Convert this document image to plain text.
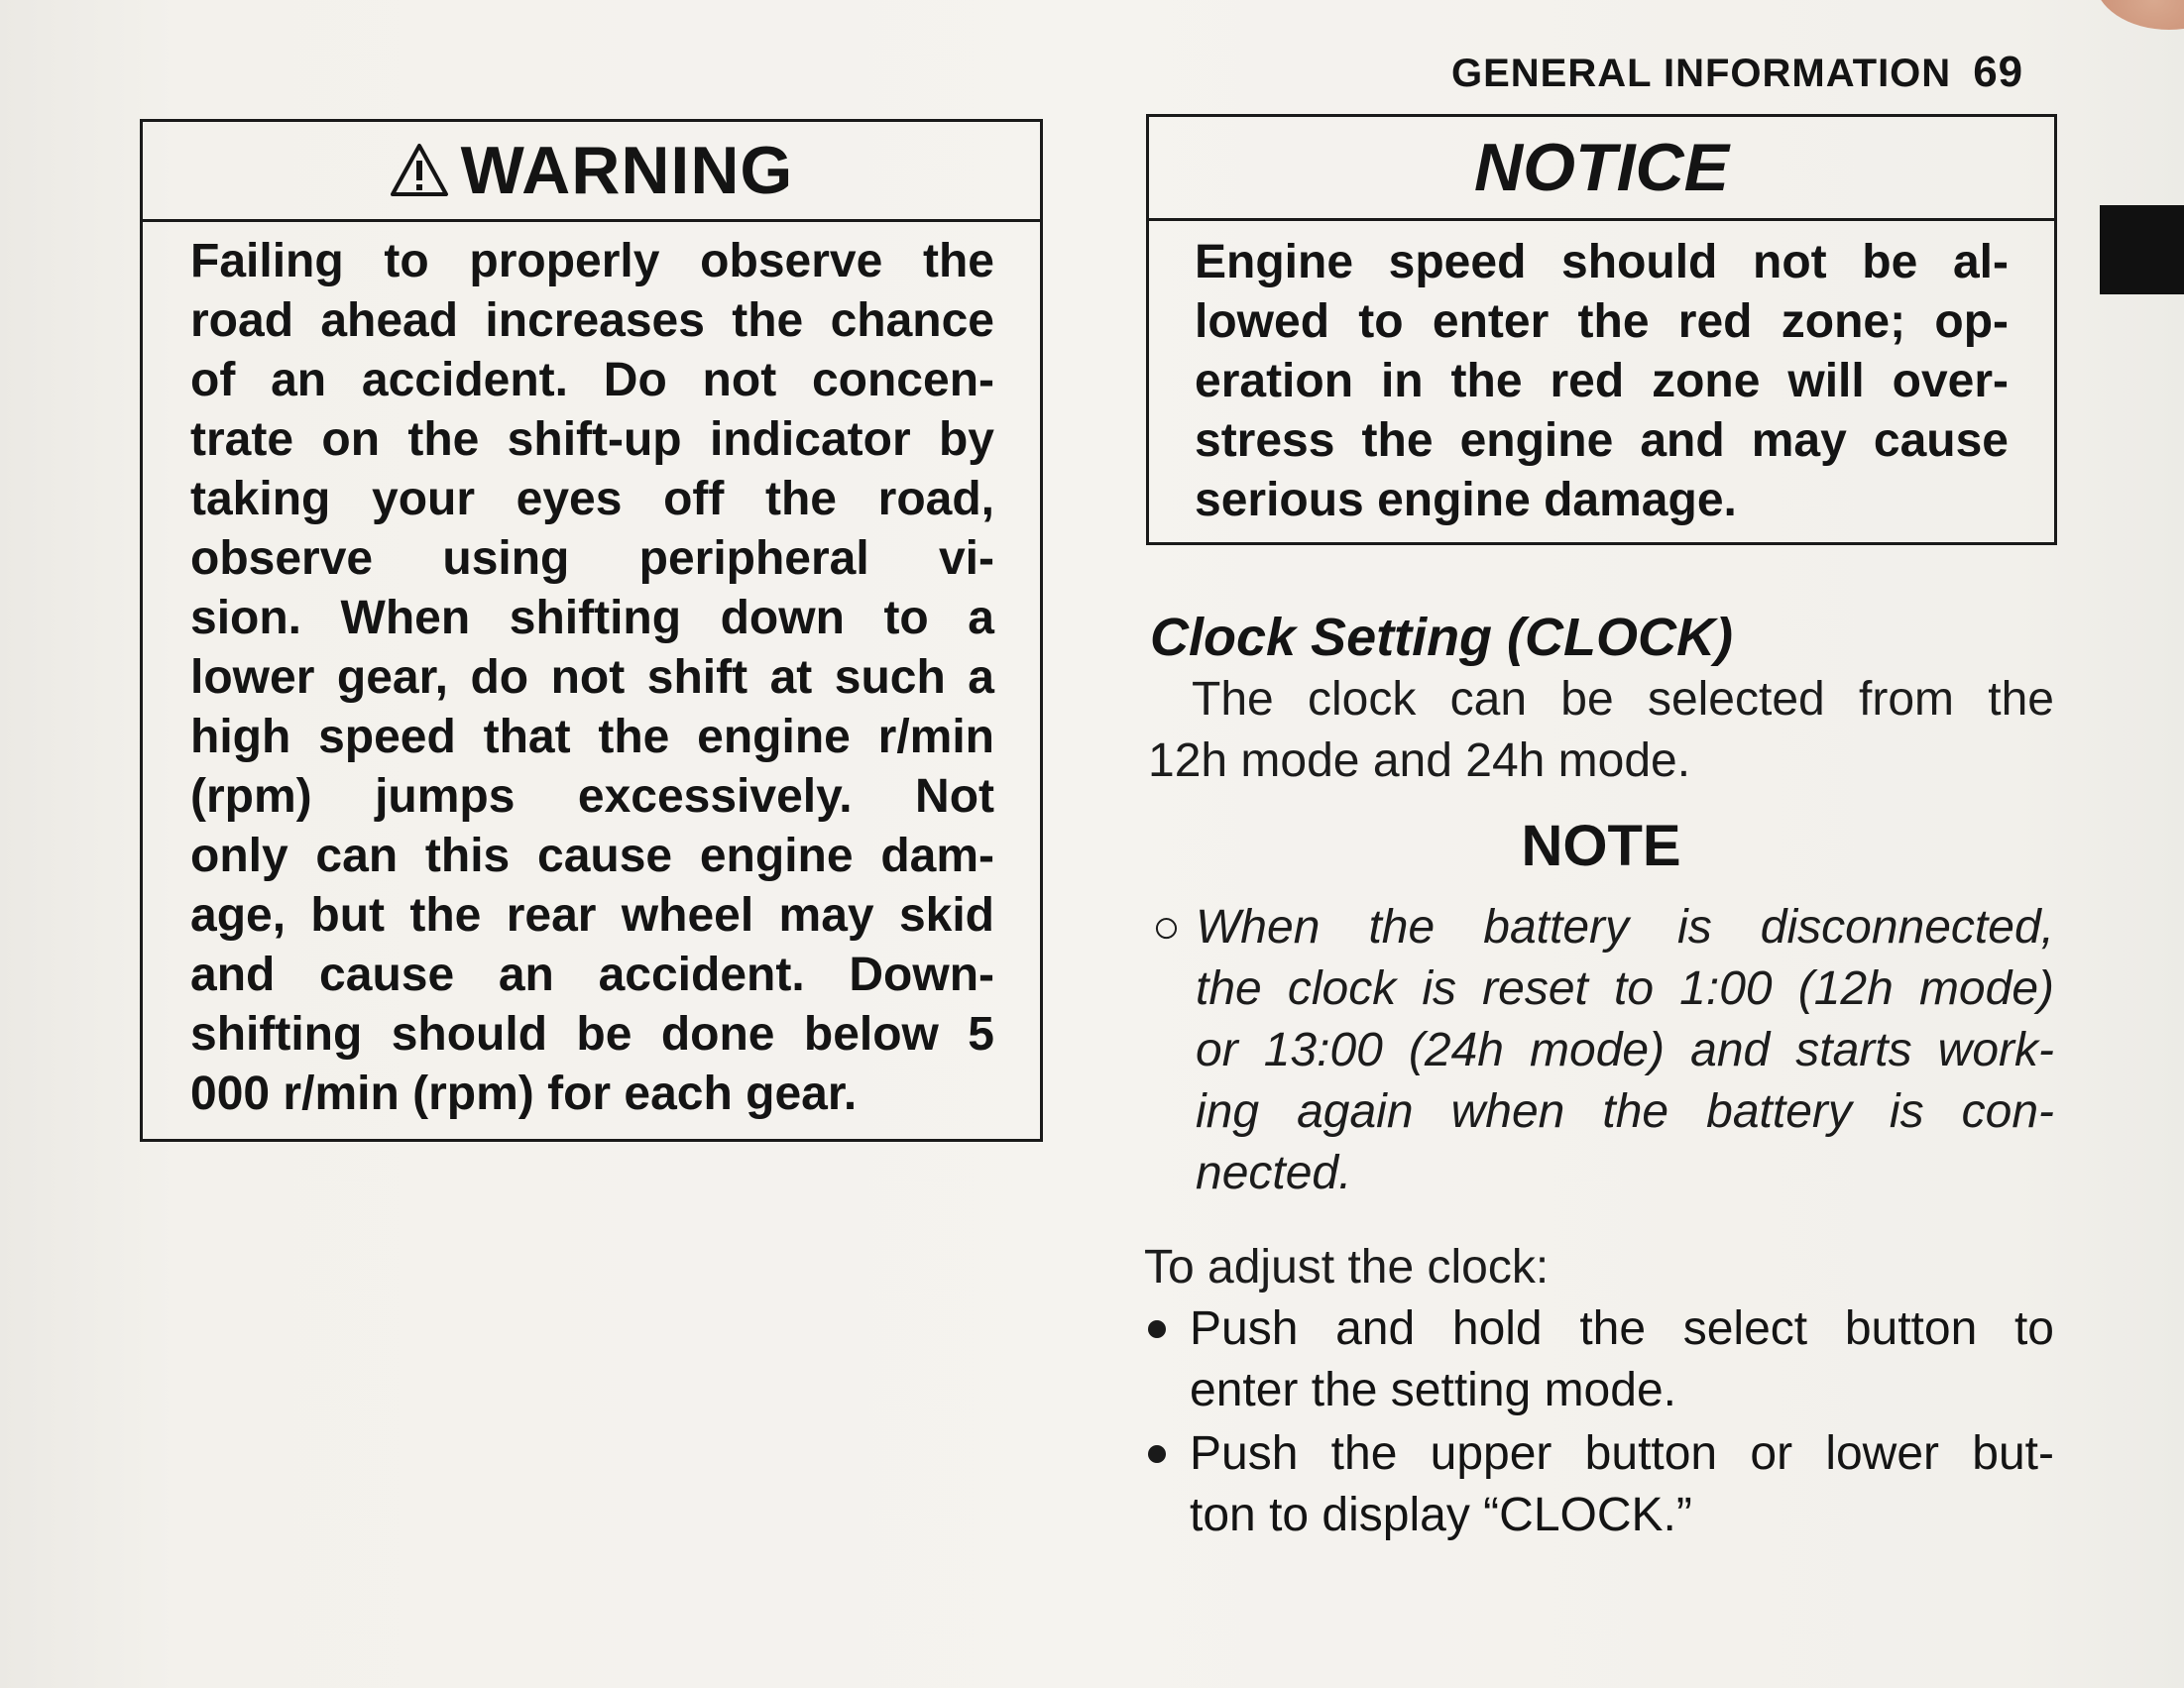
GENERAL INFORMATION 69
WARNING
Failing to properly observe the
road ahead increases the chance
of an accident. Do not concen-
trate on the shift-up indicator by
taking your eyes off the road,
observe using peripheral vi-
sion. When shifting down to a
lower gear, do not shift at such a
high speed that the engine r/min
(rpm) jumps excessively. Not
only can this cause engine dam-
age, but the rear wheel may skid
and cause an accident. Down-
shifting should be done below 5
000 r/min (rpm) for each gear.
NOTICE
Engine speed should not be al-
lowed to enter the red zone; op-
eration in the red zone will over-
stress the engine and may cause
serious engine damage.
Clock Setting (CLOCK)
The clock can be selected from the
12h mode and 24h mode.
NOTE
○ When the battery is disconnected,
the clock is reset to 1:00 (12h mode)
or 13:00 (24h mode) and starts work-
ing again when the battery is con-
nected.
To adjust the clock:
Push and hold the select button to
enter the setting mode.
Push the upper button or lower but-
ton to display “CLOCK.”
